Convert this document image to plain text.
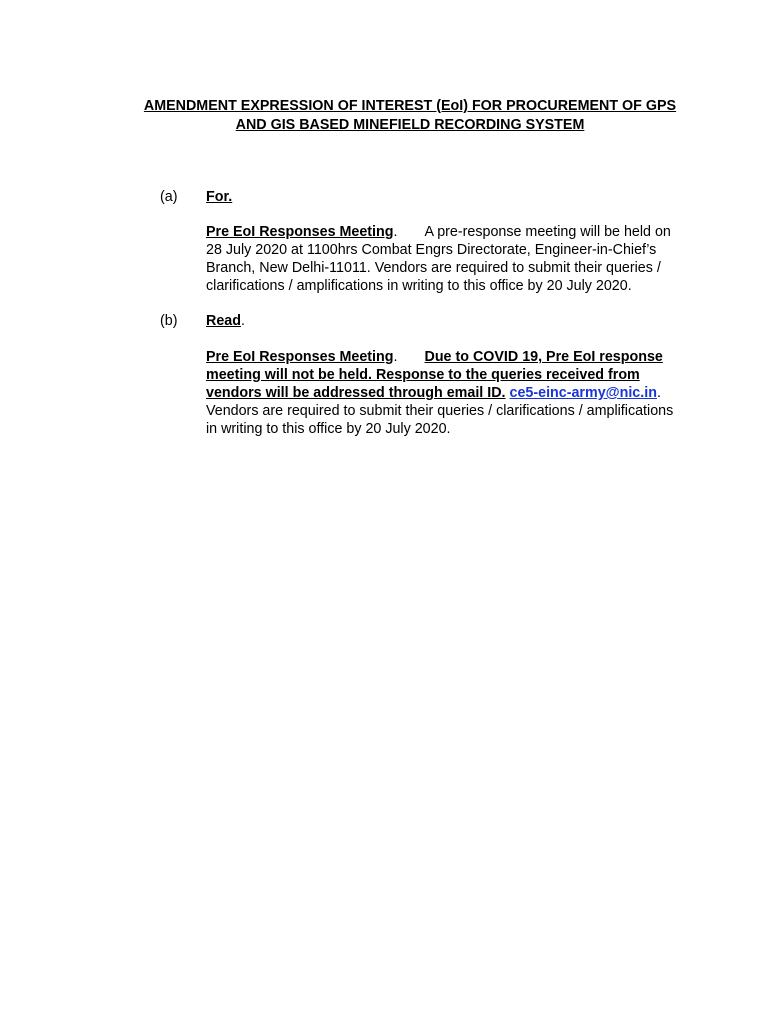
AMENDMENT EXPRESSION OF INTEREST (EoI) FOR PROCUREMENT OF GPS
AND GIS BASED MINEFIELD RECORDING SYSTEM
(a) For.
Pre EoI Responses Meeting. A pre-response meeting will be held on
28 July 2020 at 1100hrs Combat Engrs Directorate, Engineer-in-Chief’s
Branch, New Delhi-11011. Vendors are required to submit their queries /
clarifications / amplifications in writing to this office by 20 July 2020.
(b) Read.
Pre EoI Responses Meeting. Due to COVID 19, Pre EoI response
meeting will not be held. Response to the queries received from
vendors will be addressed through email ID. ce5-einc-army@nic.in.
Vendors are required to submit their queries / clarifications / amplifications
in writing to this office by 20 July 2020.
